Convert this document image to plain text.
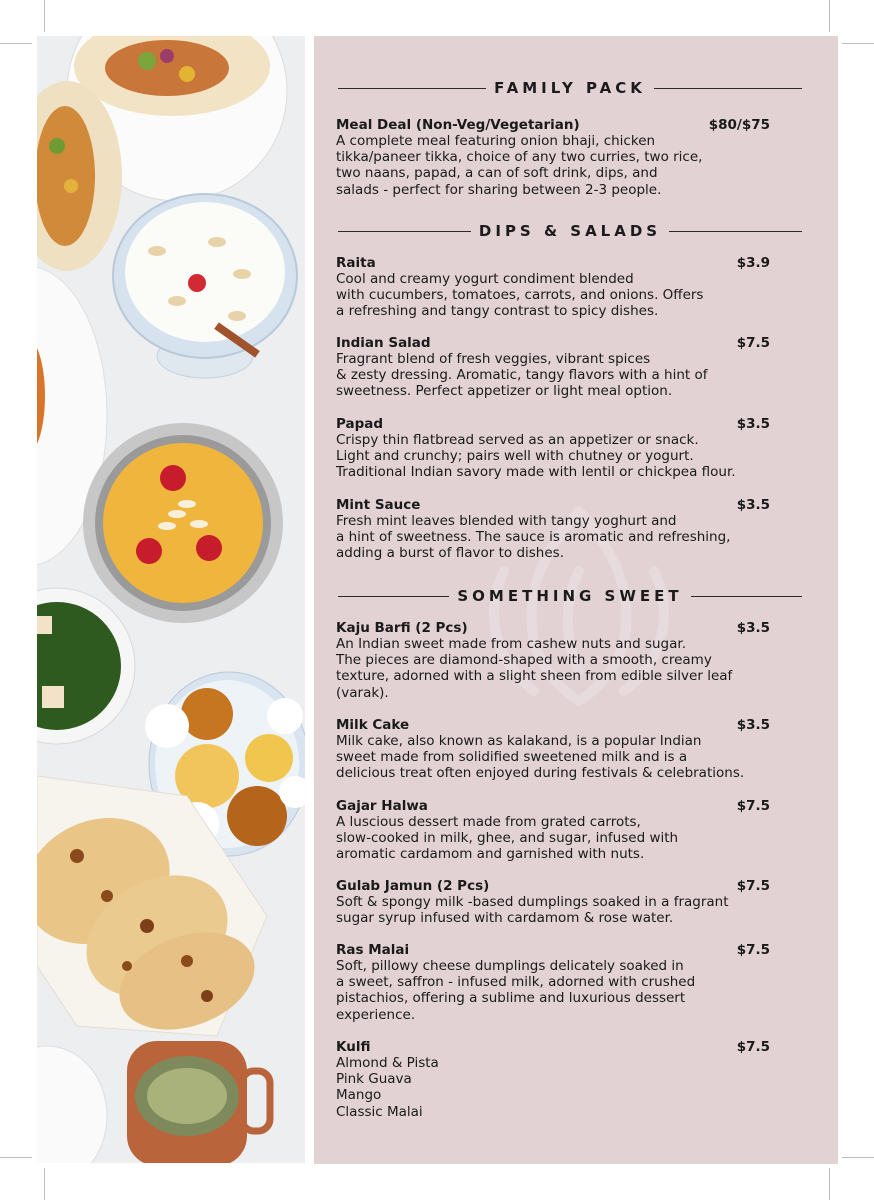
FAMILY PACK
Meal Deal (Non-Veg/Vegetarian)	$80/$75
A complete meal featuring onion bhaji, chicken
tikka/paneer tikka, choice of any two curries, two rice,
two naans, papad, a can of soft drink, dips, and
salads - perfect for sharing between 2-3 people.
DIPS & SALADS
Raita	$3.9
Cool and creamy yogurt condiment blended
with cucumbers, tomatoes, carrots, and onions. Offers
a refreshing and tangy contrast to spicy dishes.
Indian Salad	$7.5
Fragrant blend of fresh veggies, vibrant spices
& zesty dressing. Aromatic, tangy flavors with a hint of
sweetness. Perfect appetizer or light meal option.
Papad	$3.5
Crispy thin flatbread served as an appetizer or snack.
Light and crunchy; pairs well with chutney or yogurt.
Traditional Indian savory made with lentil or chickpea flour.
Mint Sauce	$3.5
Fresh mint leaves blended with tangy yoghurt and
a hint of sweetness. The sauce is aromatic and refreshing,
adding a burst of flavor to dishes.
SOMETHING SWEET
Kaju Barfi (2 Pcs)	$3.5
An Indian sweet made from cashew nuts and sugar.
The pieces are diamond-shaped with a smooth, creamy
texture, adorned with a slight sheen from edible silver leaf
(varak).
Milk Cake	$3.5
Milk cake, also known as kalakand, is a popular Indian
sweet made from solidified sweetened milk and is a
delicious treat often enjoyed during festivals & celebrations.
Gajar Halwa	$7.5
A luscious dessert made from grated carrots,
slow-cooked in milk, ghee, and sugar, infused with
aromatic cardamom and garnished with nuts.
Gulab Jamun (2 Pcs)	$7.5
Soft & spongy milk -based dumplings soaked in a fragrant
sugar syrup infused with cardamom & rose water.
Ras Malai	$7.5
Soft, pillowy cheese dumplings delicately soaked in
a sweet, saffron - infused milk, adorned with crushed
pistachios, offering a sublime and luxurious dessert
experience.
Kulfi	$7.5
Almond & Pista
Pink Guava
Mango
Classic Malai
